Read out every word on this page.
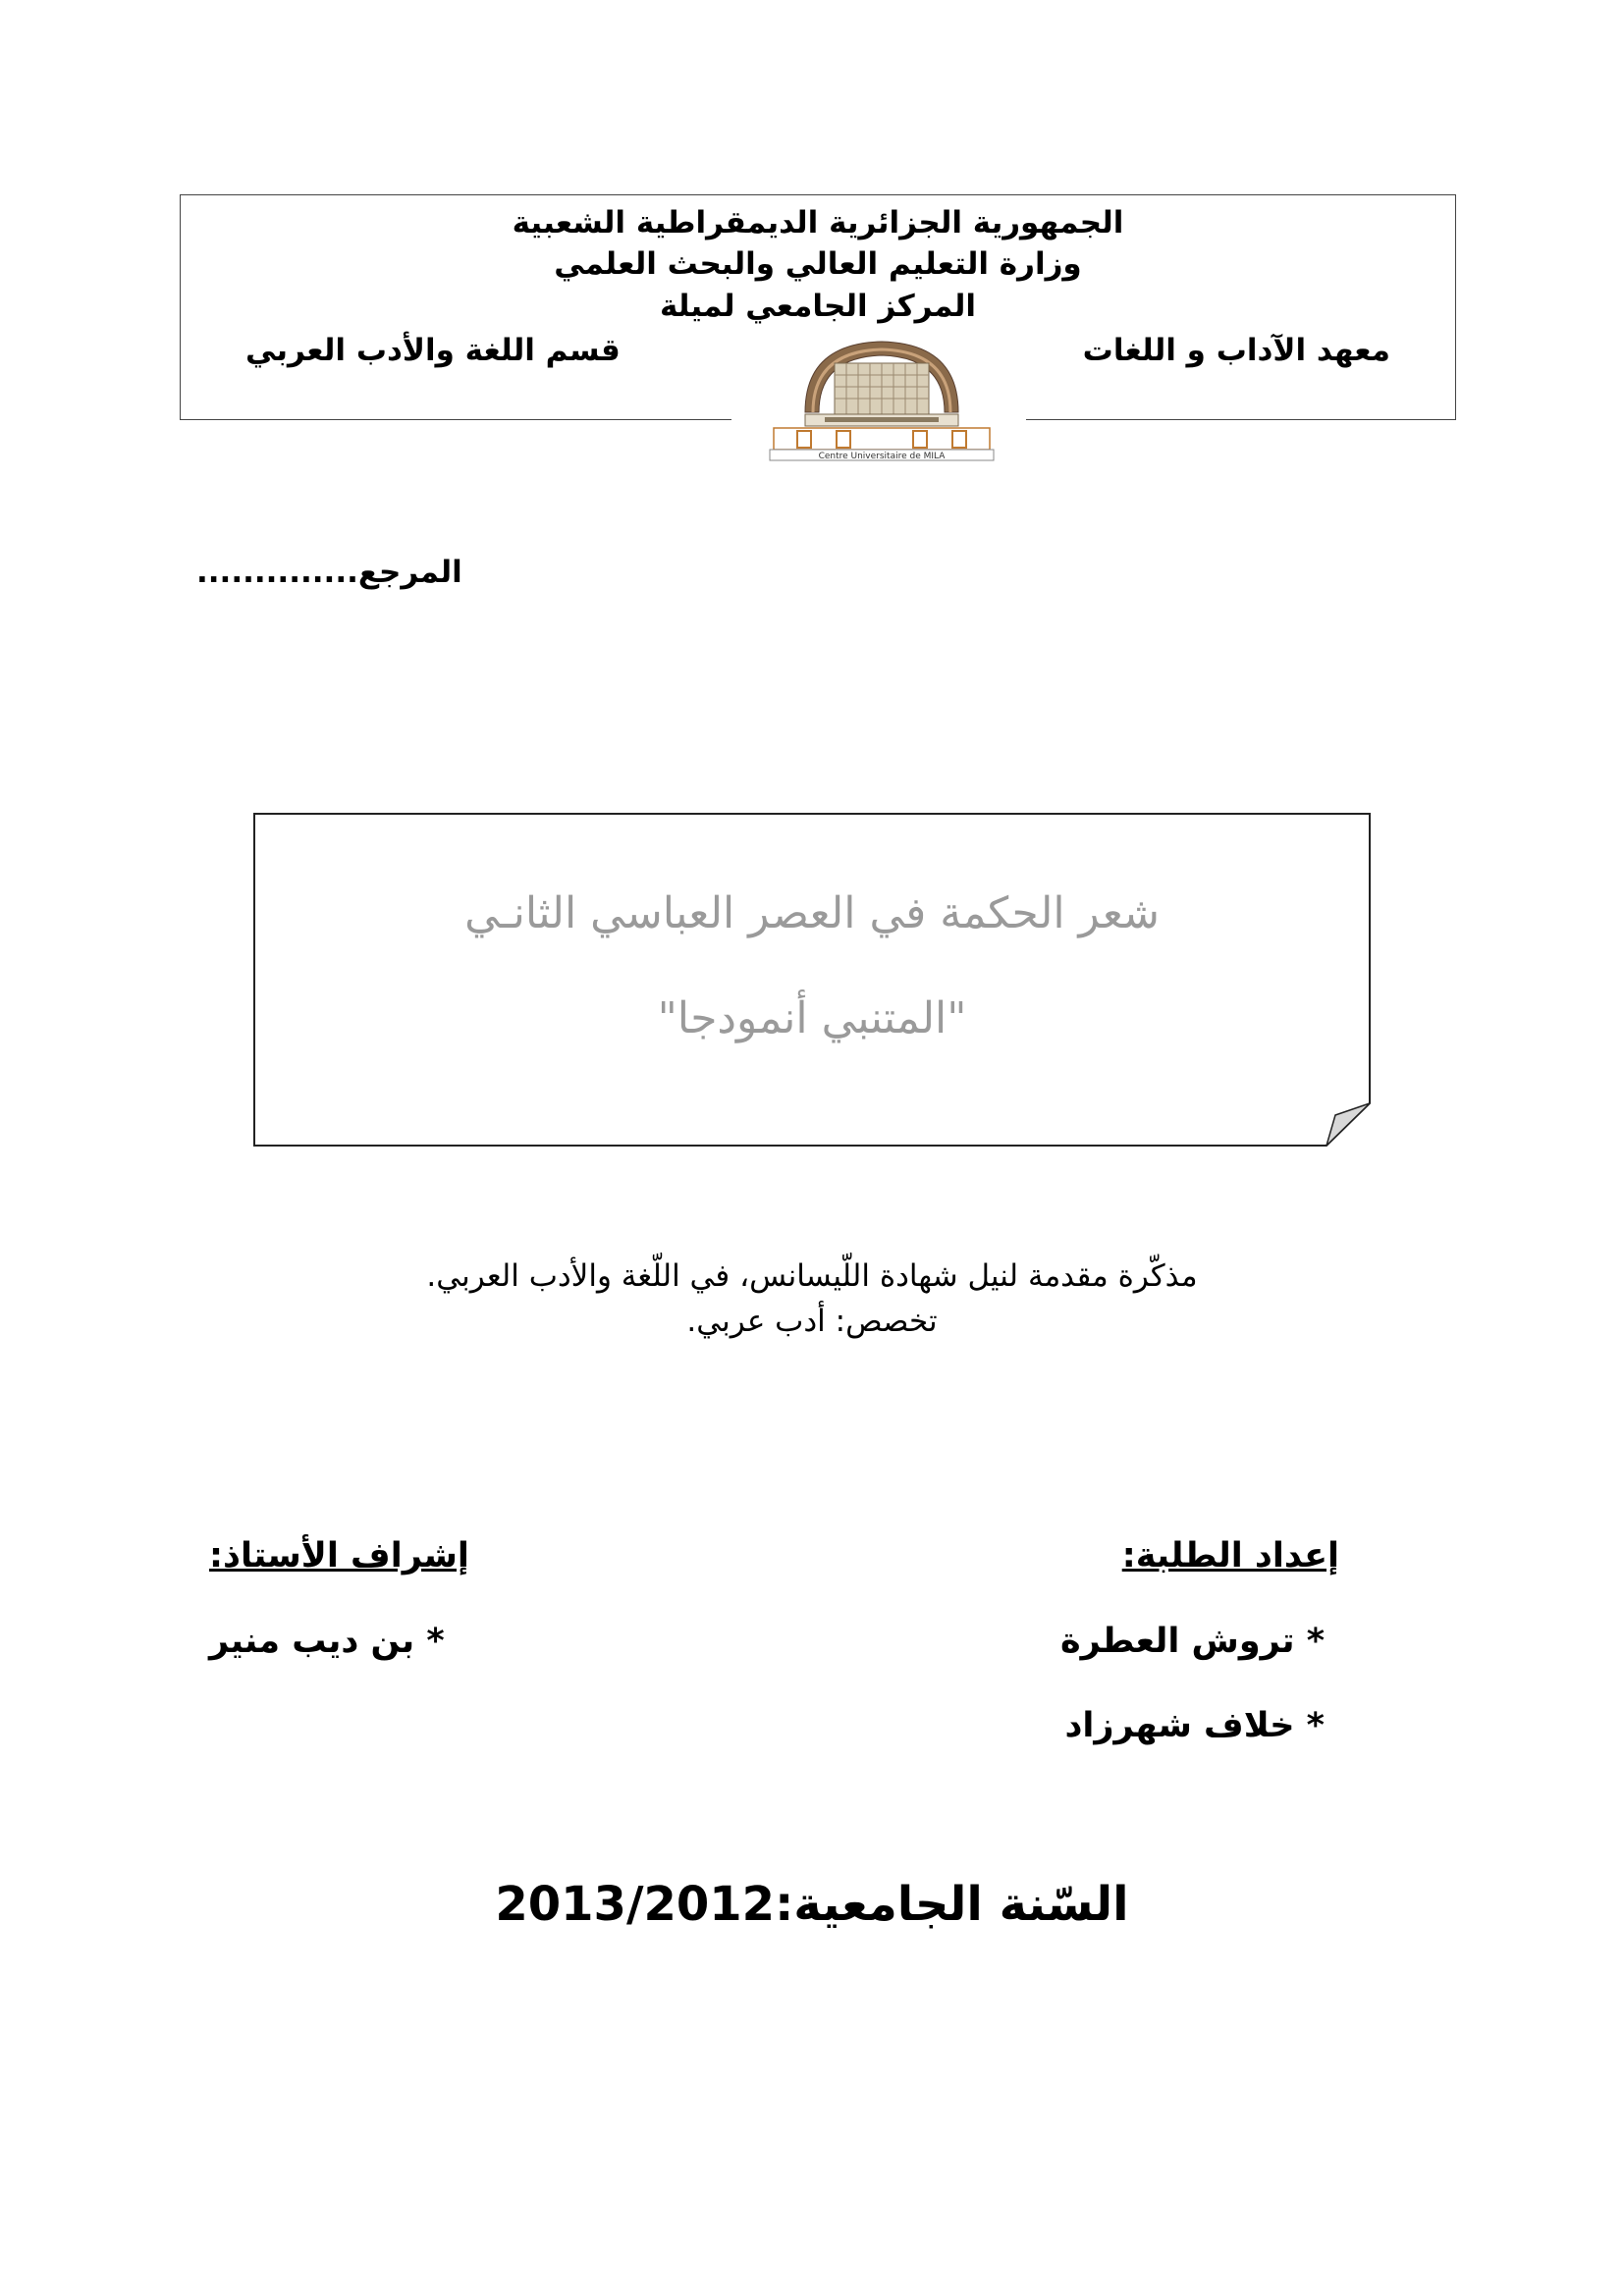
الجمهورية الجزائرية الديمقراطية الشعبية
وزارة التعليم العالي والبحث العلمي
المركز الجامعي لميلة
معهد الآداب و اللغات
قسم اللغة والأدب العربي
Centre Universitaire de MILA
المرجع..............
شعر الحكمة في العصر العباسي الثانـي
"المتنبي أنمودجا"
مذكّرة مقدمة لنيل شهادة اللّيسانس، في اللّغة والأدب العربي.
تخصص: أدب عربي.
إعداد الطلبة:
إشراف الأستاذ:
* تروش العطرة
* خلاف شهرزاد
* بن ديب منير
السّنة الجامعية:2013/2012
